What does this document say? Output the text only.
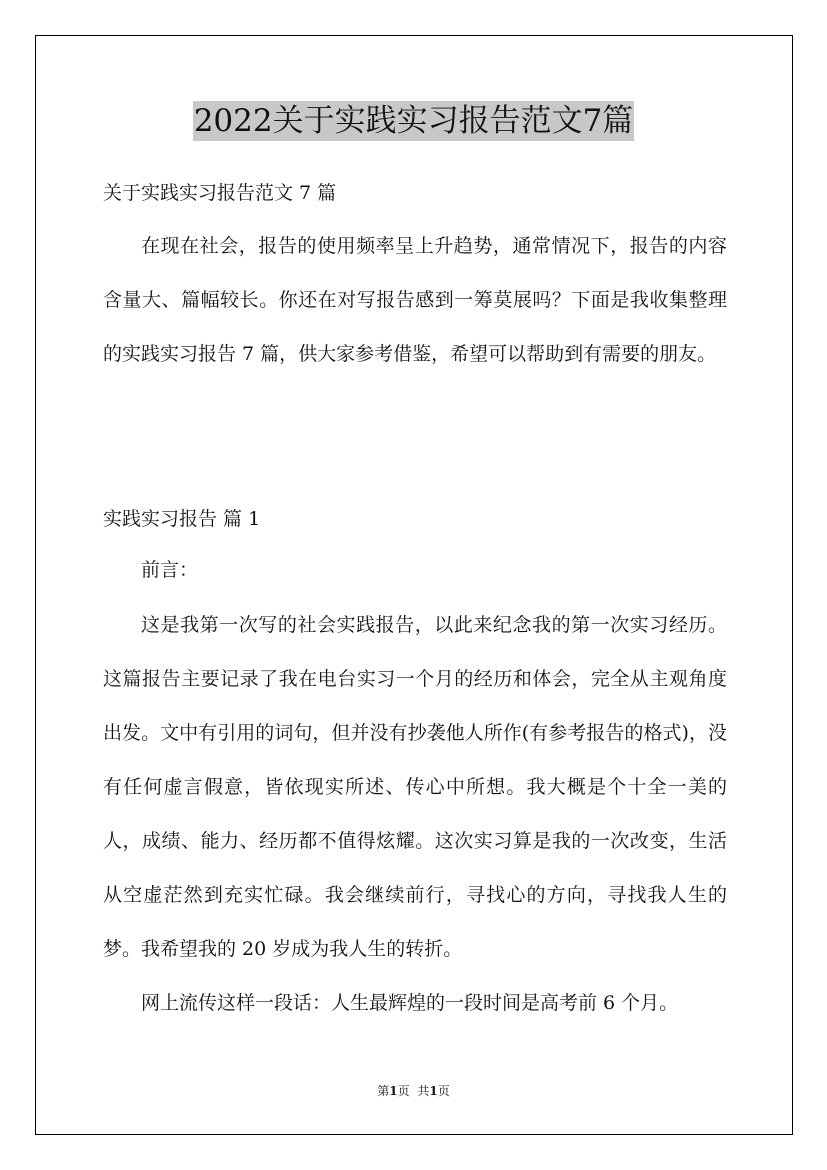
2022关于实践实习报告范文7篇

关于实践实习报告范文 7 篇

在现在社会，报告的使用频率呈上升趋势，通常情况下，报告的内容含量大、篇幅较长。你还在对写报告感到一筹莫展吗？下面是我收集整理的实践实习报告 7 篇，供大家参考借鉴，希望可以帮助到有需要的朋友。

实践实习报告 篇 1

前言：

这是我第一次写的社会实践报告，以此来纪念我的第一次实习经历。这篇报告主要记录了我在电台实习一个月的经历和体会，完全从主观角度出发。文中有引用的词句，但并没有抄袭他人所作(有参考报告的格式)，没有任何虚言假意，皆依现实所述、传心中所想。我大概是个十全一美的人，成绩、能力、经历都不值得炫耀。这次实习算是我的一次改变，生活从空虚茫然到充实忙碌。我会继续前行，寻找心的方向，寻找我人生的梦。我希望我的 20 岁成为我人生的转折。

网上流传这样一段话：人生最辉煌的一段时间是高考前 6 个月。

第1页 共1页
